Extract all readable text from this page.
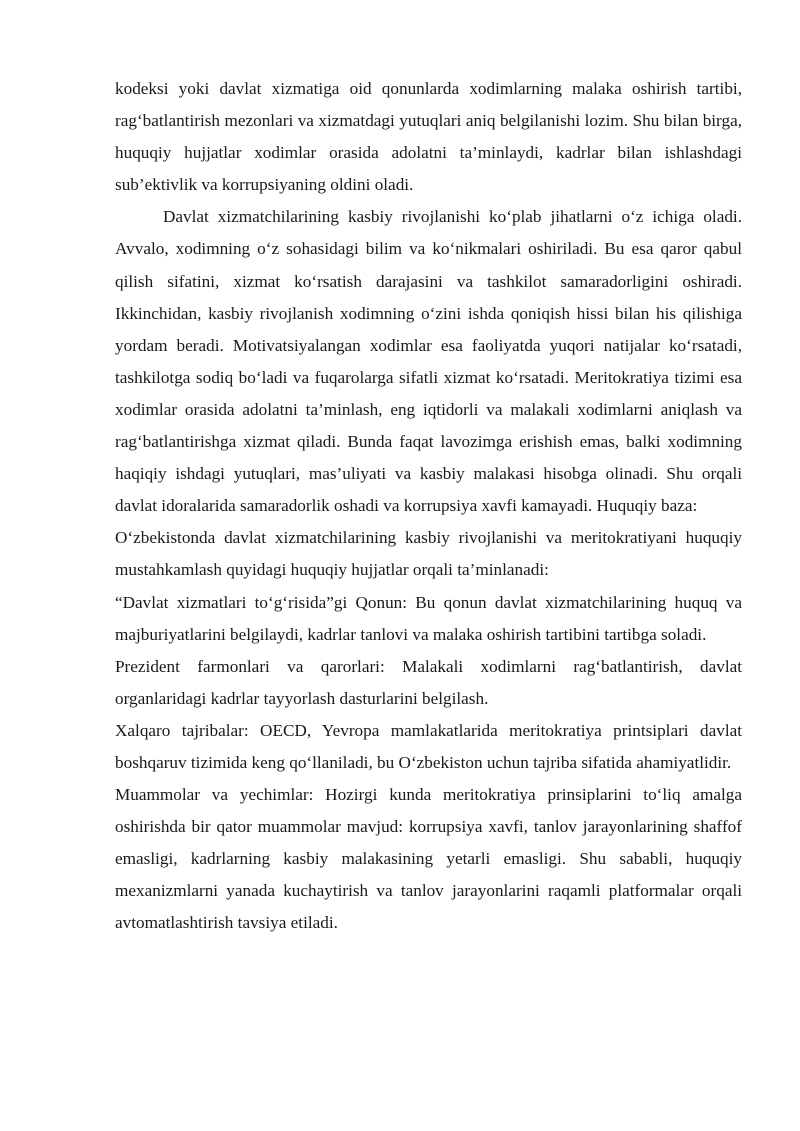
kodeksi yoki davlat xizmatiga oid qonunlarda xodimlarning malaka oshirish tartibi, rag‘batlantirish mezonlari va xizmatdagi yutuqlari aniq belgilanishi lozim. Shu bilan birga, huquqiy hujjatlar xodimlar orasida adolatni ta’minlaydi, kadrlar bilan ishlashdagi sub’ektivlik va korrupsiyaning oldini oladi.

Davlat xizmatchilarining kasbiy rivojlanishi ko‘plab jihatlarni o‘z ichiga oladi. Avvalo, xodimning o‘z sohasidagi bilim va ko‘nikmalari oshiriladi. Bu esa qaror qabul qilish sifatini, xizmat ko‘rsatish darajasini va tashkilot samaradorligini oshiradi. Ikkinchidan, kasbiy rivojlanish xodimning o‘zini ishda qoniqish hissi bilan his qilishiga yordam beradi. Motivatsiyalangan xodimlar esa faoliyatda yuqori natijalar ko‘rsatadi, tashkilotga sodiq bo‘ladi va fuqarolarga sifatli xizmat ko‘rsatadi. Meritokratiya tizimi esa xodimlar orasida adolatni ta’minlash, eng iqtidorli va malakali xodimlarni aniqlash va rag‘batlantirishga xizmat qiladi. Bunda faqat lavozimga erishish emas, balki xodimning haqiqiy ishdagi yutuqlari, mas’uliyati va kasbiy malakasi hisobga olinadi. Shu orqali davlat idoralarida samaradorlik oshadi va korrupsiya xavfi kamayadi. Huquqiy baza:

O‘zbekistonda davlat xizmatchilarining kasbiy rivojlanishi va meritokratiyani huquqiy mustahkamlash quyidagi huquqiy hujjatlar orqali ta’minlanadi:

“Davlat xizmatlari to‘g‘risida”gi Qonun: Bu qonun davlat xizmatchilarining huquq va majburiyatlarini belgilaydi, kadrlar tanlovi va malaka oshirish tartibini tartibga soladi.

Prezident farmonlari va qarorlari: Malakali xodimlarni rag‘batlantirish, davlat organlaridagi kadrlar tayyorlash dasturlarini belgilash.

Xalqaro tajribalar: OECD, Yevropa mamlakatlarida meritokratiya printsiplari davlat boshqaruv tizimida keng qo‘llaniladi, bu O‘zbekiston uchun tajriba sifatida ahamiyatlidir.

Muammolar va yechimlar: Hozirgi kunda meritokratiya prinsiplarini to‘liq amalga oshirishda bir qator muammolar mavjud: korrupsiya xavfi, tanlov jarayonlarining shaffof emasligi, kadrlarning kasbiy malakasining yetarli emasligi. Shu sababli, huquqiy mexanizmlarni yanada kuchaytirish va tanlov jarayonlarini raqamli platformalar orqali avtomatlashtirish tavsiya etiladi.
